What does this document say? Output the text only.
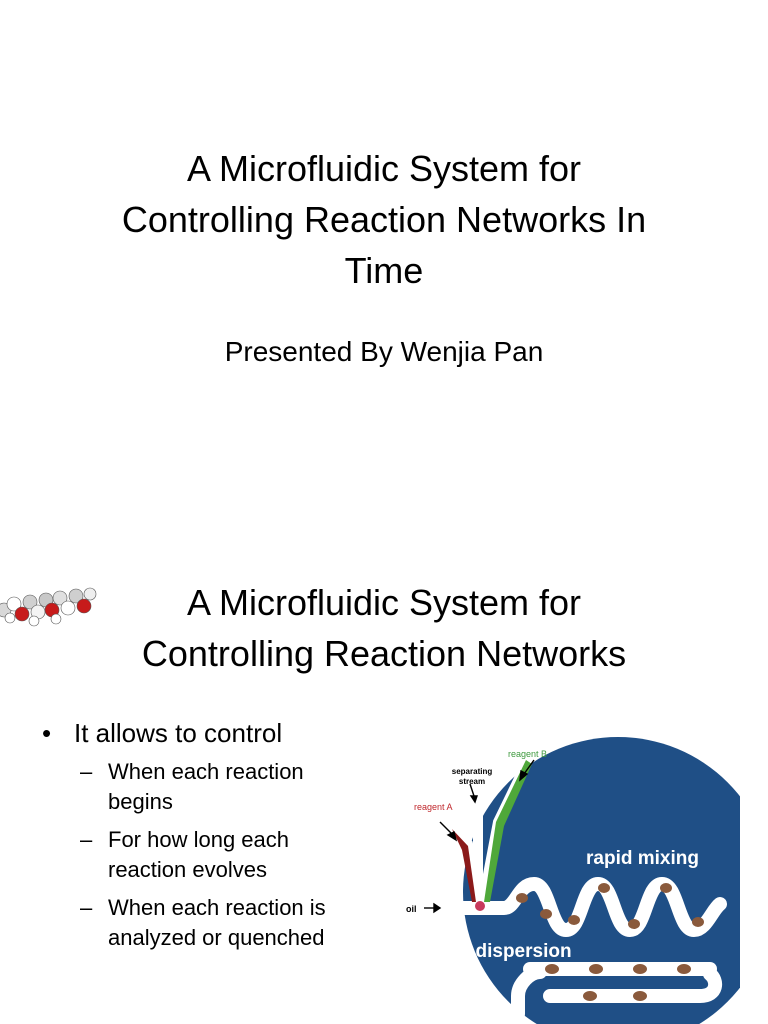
A Microfluidic System for
Controlling Reaction Networks In
Time
Presented By Wenjia Pan
A Microfluidic System for
Controlling Reaction Networks
• It allows to control
– When each reaction
begins
– For how long each
reaction evolves
– When each reaction is
analyzed or quenched
reagent B
separating
stream
reagent A
oil
rapid mixing
no dispersion
